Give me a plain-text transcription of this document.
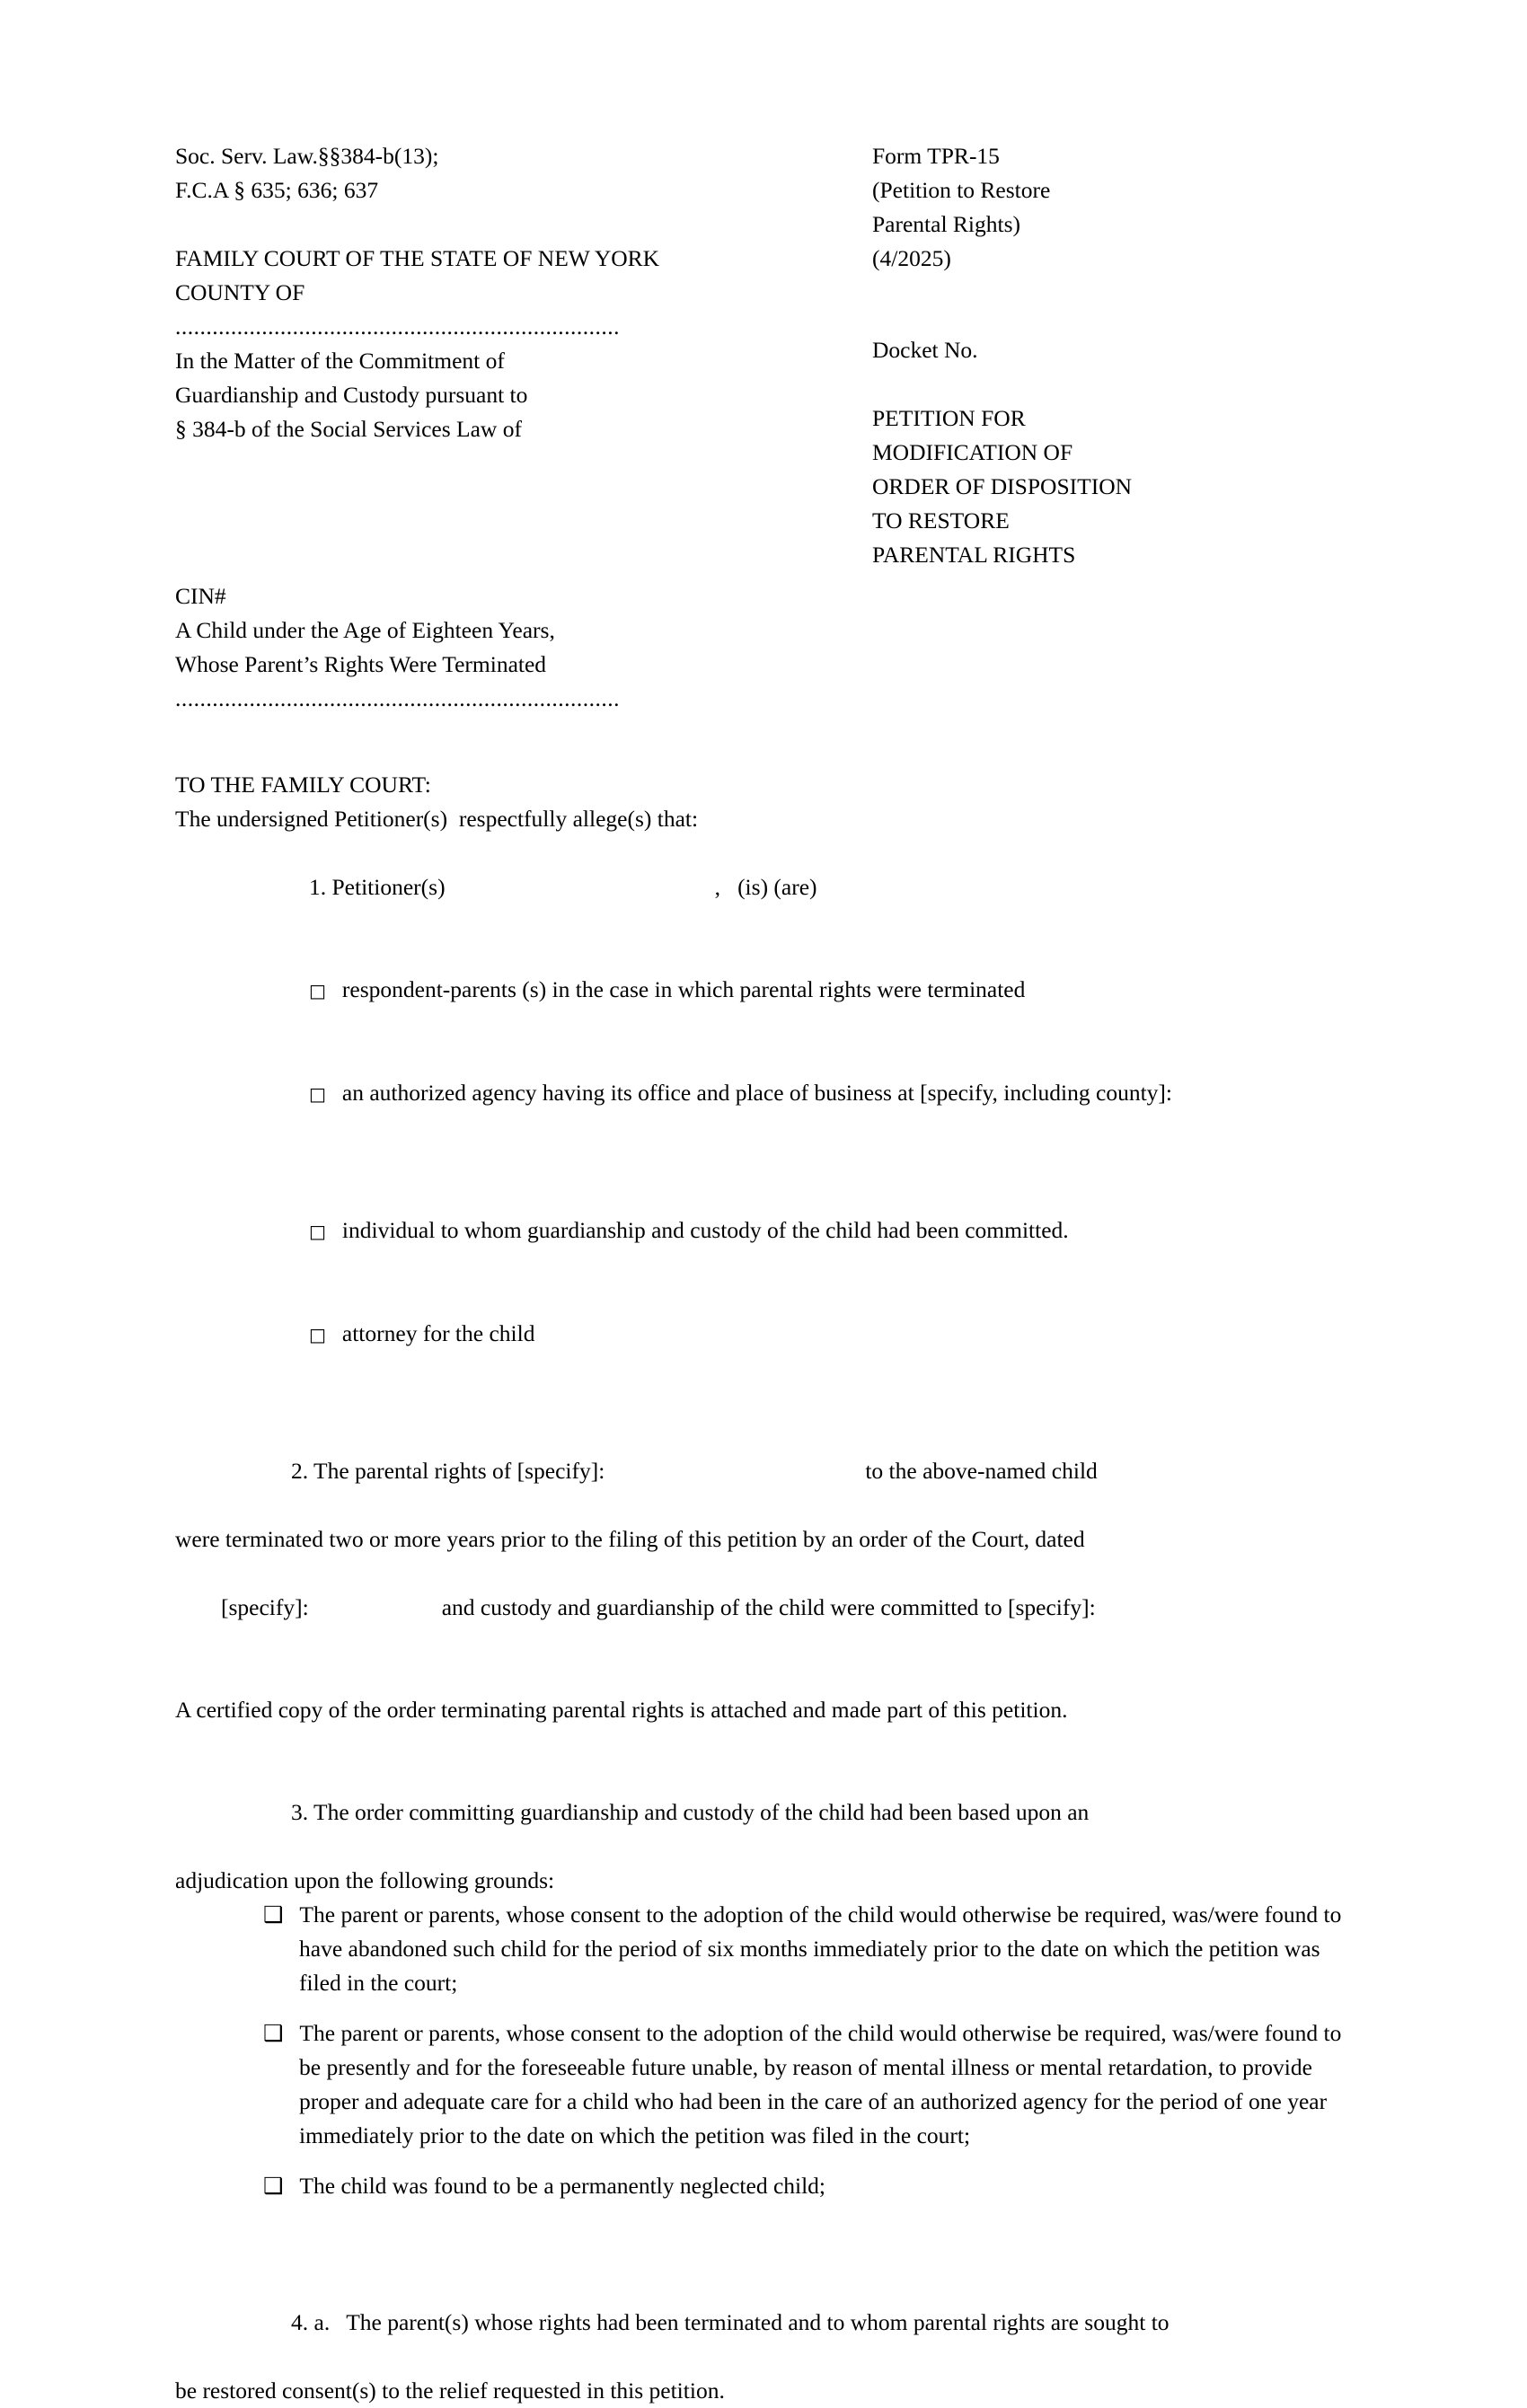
Soc. Serv. Law.§§384-b(13);
F.C.A § 635; 636; 637
FAMILY COURT OF THE STATE OF NEW YORK
COUNTY OF
........................................................................
In the Matter of the Commitment of
Guardianship and Custody pursuant to
§ 384-b of the Social Services Law of
CIN#
A Child under the Age of Eighteen Years,
Whose Parent’s Rights Were Terminated
........................................................................
Form TPR-15
(Petition to Restore
Parental Rights)
(4/2025)
Docket No.
PETITION FOR
MODIFICATION OF
ORDER OF DISPOSITION
TO RESTORE
PARENTAL RIGHTS
TO THE FAMILY COURT:
The undersigned Petitioner(s)  respectfully allege(s) that:

1. Petitioner(s)	,   (is) (are)

□ respondent-parents (s) in the case in which parental rights were terminated

□ an authorized agency having its office and place of business at [specify, including county]:

□ individual to whom guardianship and custody of the child had been committed.

□ attorney for the child

2. The parental rights of [specify]:	to the above-named child

were terminated two or more years prior to the filing of this petition by an order of the Court, dated

[specify]:	and custody and guardianship of the child were committed to [specify]:

A certified copy of the order terminating parental rights is attached and made part of this petition.

3. The order committing guardianship and custody of the child had been based upon an

adjudication upon the following grounds:
❑ The parent or parents, whose consent to the adoption of the child would otherwise be required, was/were found to have abandoned such child for the period of six months immediately prior to the date on which the petition was filed in the court;
❑ The parent or parents, whose consent to the adoption of the child would otherwise be required, was/were found to be presently and for the foreseeable future unable, by reason of mental illness or mental retardation, to provide proper and adequate care for a child who had been in the care of an authorized agency for the period of one year immediately prior to the date on which the petition was filed in the court;
❑ The child was found to be a permanently neglected child;

4. a. The parent(s) whose rights had been terminated and to whom parental rights are sought to

be restored consent(s) to the relief requested in this petition.
